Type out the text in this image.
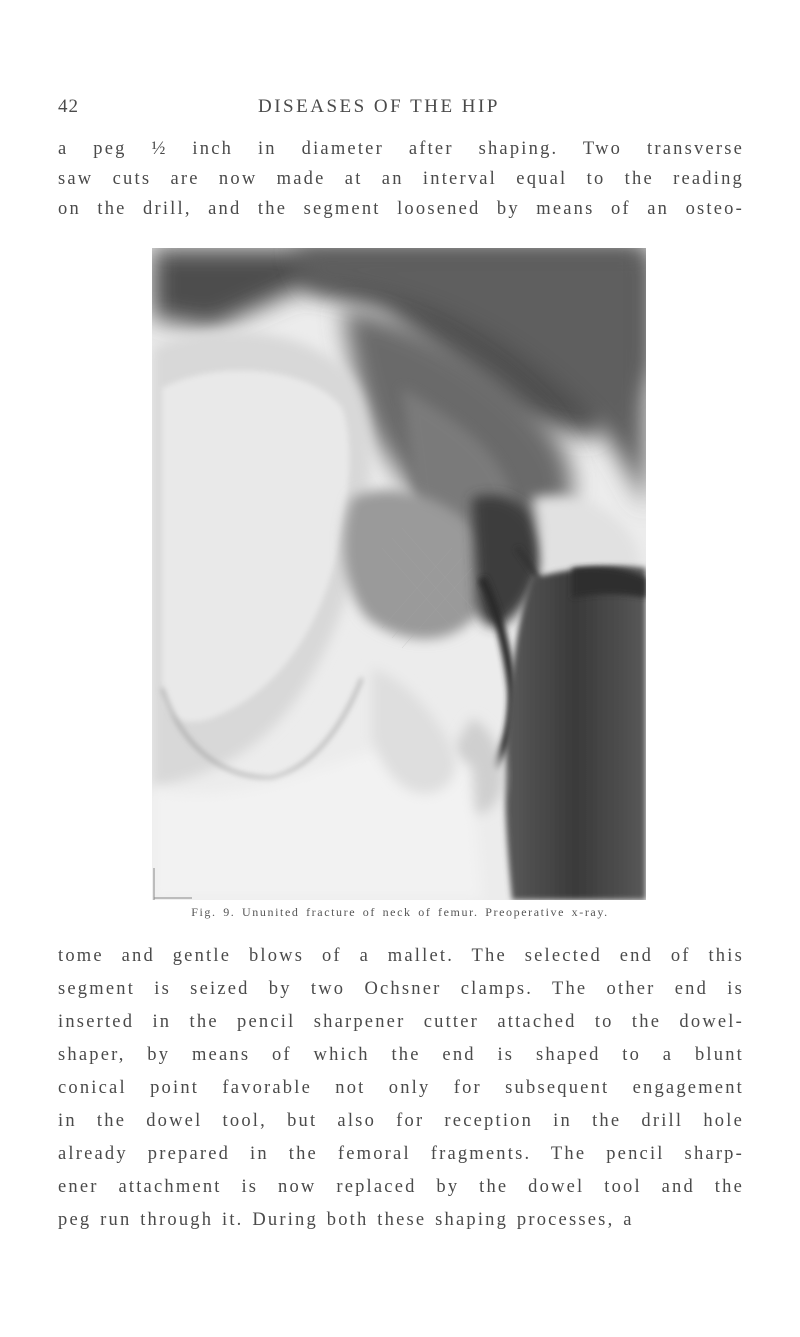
42	DISEASES OF THE HIP
a peg ½ inch in diameter after shaping. Two transverse
saw cuts are now made at an interval equal to the reading
on the drill, and the segment loosened by means of an osteo-
Fig. 9. Ununited fracture of neck of femur. Preoperative x-ray.
tome and gentle blows of a mallet. The selected end of this
segment is seized by two Ochsner clamps. The other end is
inserted in the pencil sharpener cutter attached to the dowel-
shaper, by means of which the end is shaped to a blunt
conical point favorable not only for subsequent engagement
in the dowel tool, but also for reception in the drill hole
already prepared in the femoral fragments. The pencil sharp-
ener attachment is now replaced by the dowel tool and the
peg run through it. During both these shaping processes, a
